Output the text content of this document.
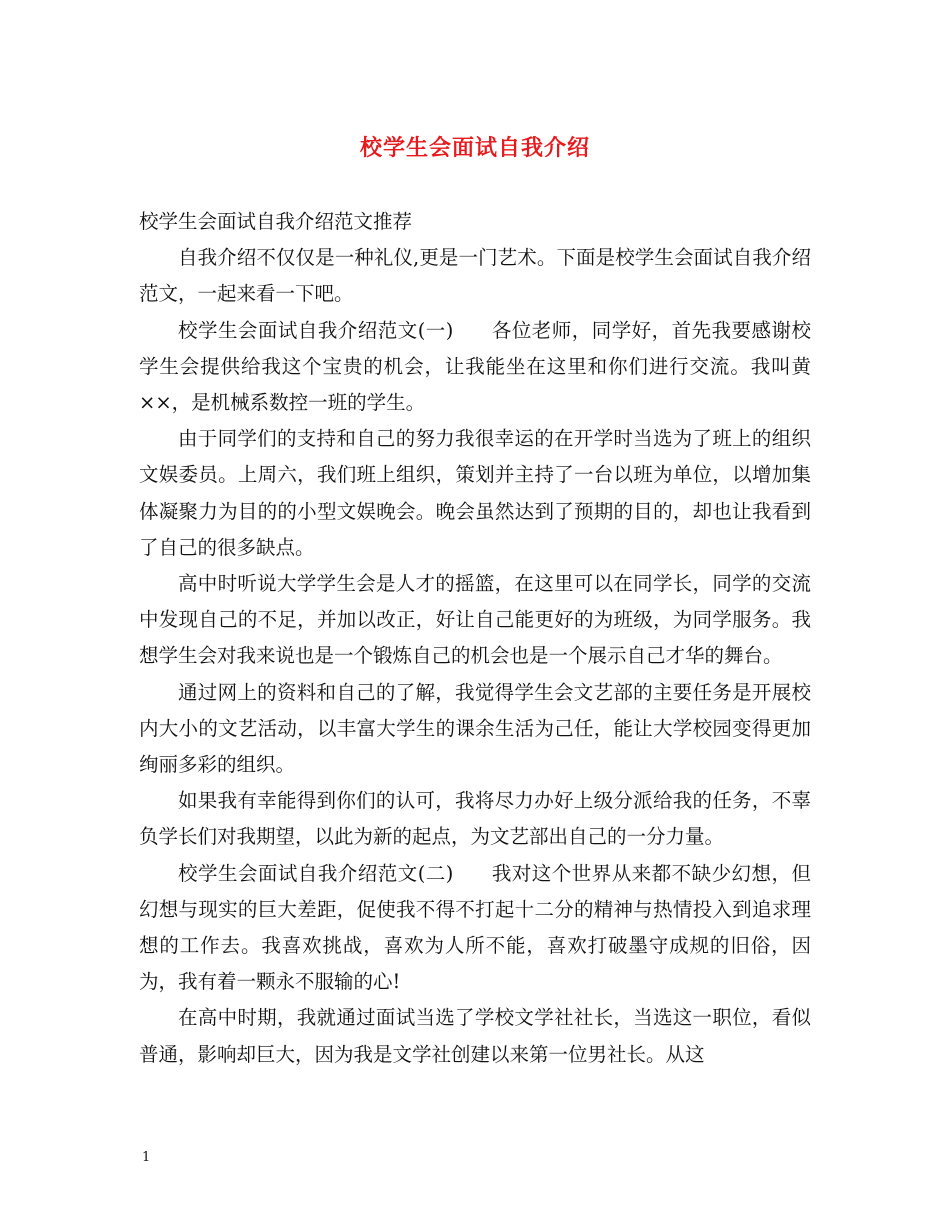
校学生会面试自我介绍

校学生会面试自我介绍范文推荐

自我介绍不仅仅是一种礼仪,更是一门艺术。下面是校学生会面试自我介绍范文，一起来看一下吧。

校学生会面试自我介绍范文(一) 各位老师，同学好，首先我要感谢校学生会提供给我这个宝贵的机会，让我能坐在这里和你们进行交流。我叫黄××，是机械系数控一班的学生。

由于同学们的支持和自己的努力我很幸运的在开学时当选为了班上的组织文娱委员。上周六，我们班上组织，策划并主持了一台以班为单位，以增加集体凝聚力为目的的小型文娱晚会。晚会虽然达到了预期的目的，却也让我看到了自己的很多缺点。

高中时听说大学学生会是人才的摇篮，在这里可以在同学长，同学的交流中发现自己的不足，并加以改正，好让自己能更好的为班级，为同学服务。我想学生会对我来说也是一个锻炼自己的机会也是一个展示自己才华的舞台。

通过网上的资料和自己的了解，我觉得学生会文艺部的主要任务是开展校内大小的文艺活动，以丰富大学生的课余生活为己任，能让大学校园变得更加绚丽多彩的组织。

如果我有幸能得到你们的认可，我将尽力办好上级分派给我的任务，不辜负学长们对我期望，以此为新的起点，为文艺部出自己的一分力量。

校学生会面试自我介绍范文(二) 我对这个世界从来都不缺少幻想，但幻想与现实的巨大差距，促使我不得不打起十二分的精神与热情投入到追求理想的工作去。我喜欢挑战，喜欢为人所不能，喜欢打破墨守成规的旧俗，因为，我有着一颗永不服输的心!

在高中时期，我就通过面试当选了学校文学社社长，当选这一职位，看似普通，影响却巨大，因为我是文学社创建以来第一位男社长。从这

1
